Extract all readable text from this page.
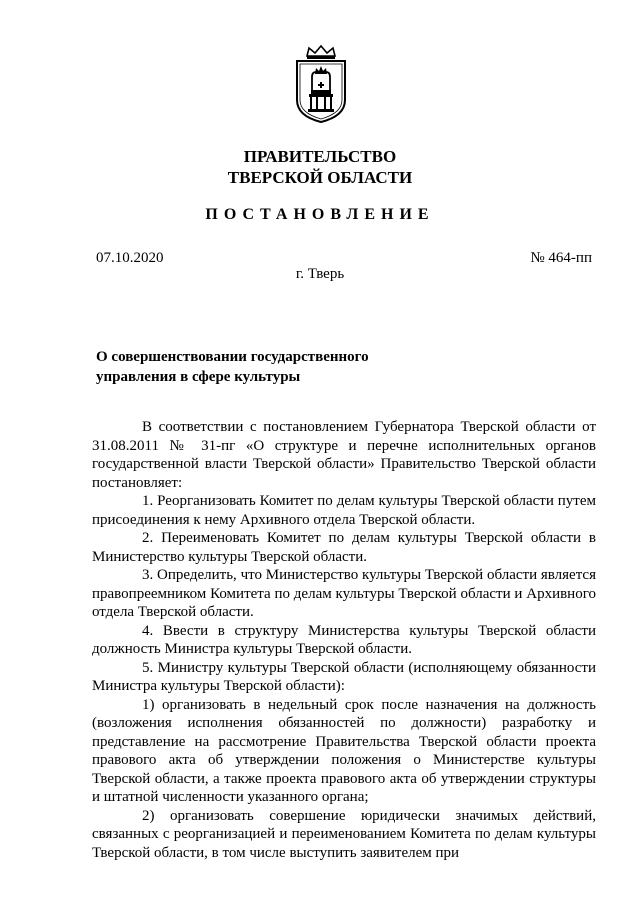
ПРАВИТЕЛЬСТВО
ТВЕРСКОЙ ОБЛАСТИ
ПОСТАНОВЛЕНИЕ
07.10.2020	№ 464-пп
г. Тверь
О совершенствовании государственного
управления в сфере культуры

В соответствии с постановлением Губернатора Тверской области от 31.08.2011 № 31-пг «О структуре и перечне исполнительных органов государственной власти Тверской области» Правительство Тверской области постановляет:

1. Реорганизовать Комитет по делам культуры Тверской области путем присоединения к нему Архивного отдела Тверской области.

2. Переименовать Комитет по делам культуры Тверской области в Министерство культуры Тверской области.

3. Определить, что Министерство культуры Тверской области является правопреемником Комитета по делам культуры Тверской области и Архивного отдела Тверской области.

4. Ввести в структуру Министерства культуры Тверской области должность Министра культуры Тверской области.

5. Министру культуры Тверской области (исполняющему обязанности Министра культуры Тверской области):

1) организовать в недельный срок после назначения на должность (возложения исполнения обязанностей по должности) разработку и представление на рассмотрение Правительства Тверской области проекта правового акта об утверждении положения о Министерстве культуры Тверской области, а также проекта правового акта об утверждении структуры и штатной численности указанного органа;

2) организовать совершение юридически значимых действий, связанных с реорганизацией и переименованием Комитета по делам культуры Тверской области, в том числе выступить заявителем при
